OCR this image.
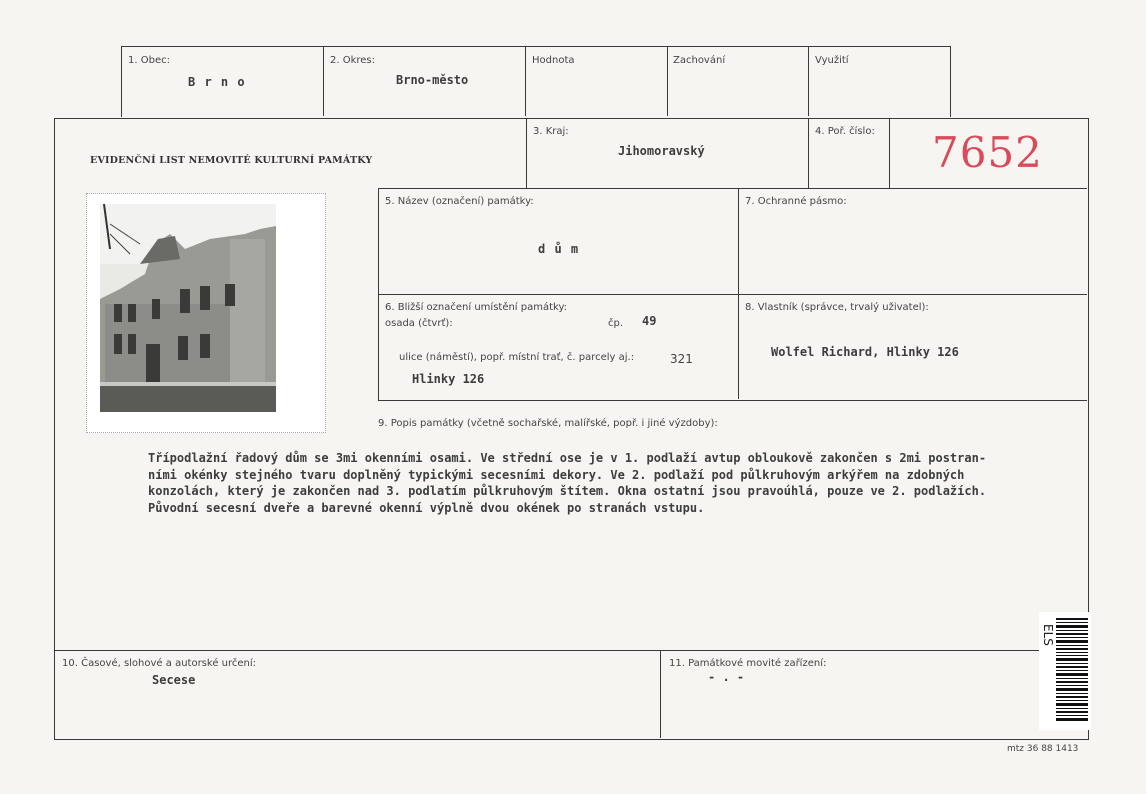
1. Obec:
B r n o
2. Okres:
Brno-město
Hodnota	Zachování	Využití
EVIDENČNÍ LIST NEMOVITÉ KULTURNÍ PAMÁTKY
3. Kraj:
Jihomoravský
4. Poř. číslo: 7652
5. Název (označení) památky:
d ů m
7. Ochranné pásmo:
6. Bližší označení umístění památky:
osada (čtvrť):	čp. 49
ulice (náměstí), popř. místní trať, č. parcely aj.:	321
Hlinky 126
8. Vlastník (správce, trvalý uživatel):
Wolfel Richard, Hlinky 126
9. Popis památky (včetně sochařské, malířské, popř. i jiné výzdoby):
Třípodlažní řadový dům se 3mi okenními osami. Ve střední ose je v 1. podlaží avtup obloukově zakončen s 2mi postran-
ními okénky stejného tvaru doplněný typickými secesními dekory. Ve 2. podlaží pod půlkruhovým arkýřem na zdobných
konzolách, který je zakončen nad 3. podlatím půlkruhovým štítem. Okna ostatní jsou pravoúhlá, pouze ve 2. podlažích.
Původní secesní dveře a barevné okenní výplně dvou okének po stranách vstupu.
10. Časové, slohové a autorské určení:
Secese
11. Památkové movité zařízení:
- . -
ELS
mtz 36 88 1413
